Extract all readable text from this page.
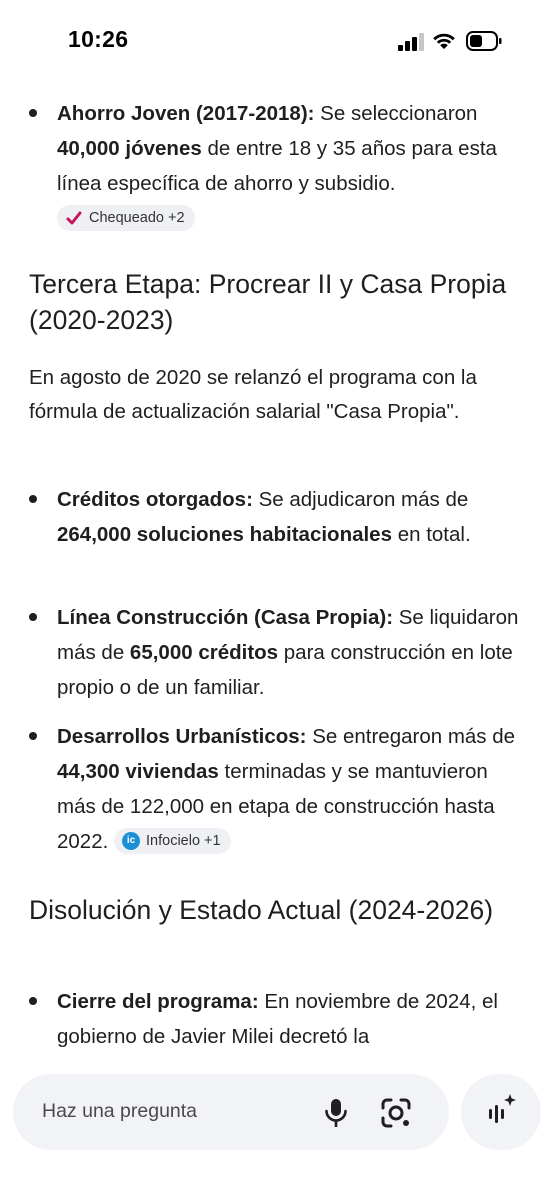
10:26
Ahorro Joven (2017-2018): Se seleccionaron 40,000 jóvenes de entre 18 y 35 años para esta línea específica de ahorro y subsidio.
Chequeado +2
Tercera Etapa: Procrear II y Casa Propia (2020-2023)
En agosto de 2020 se relanzó el programa con la fórmula de actualización salarial "Casa Propia".
Créditos otorgados: Se adjudicaron más de 264,000 soluciones habitacionales en total.
Línea Construcción (Casa Propia): Se liquidaron más de 65,000 créditos para construcción en lote propio o de un familiar.
Desarrollos Urbanísticos: Se entregaron más de 44,300 viviendas terminadas y se mantuvieron más de 122,000 en etapa de construcción hasta 2022.	ic Infocielo +1
Disolución y Estado Actual (2024-2026)
Cierre del programa: En noviembre de 2024, el gobierno de Javier Milei decretó la
Haz una pregunta
